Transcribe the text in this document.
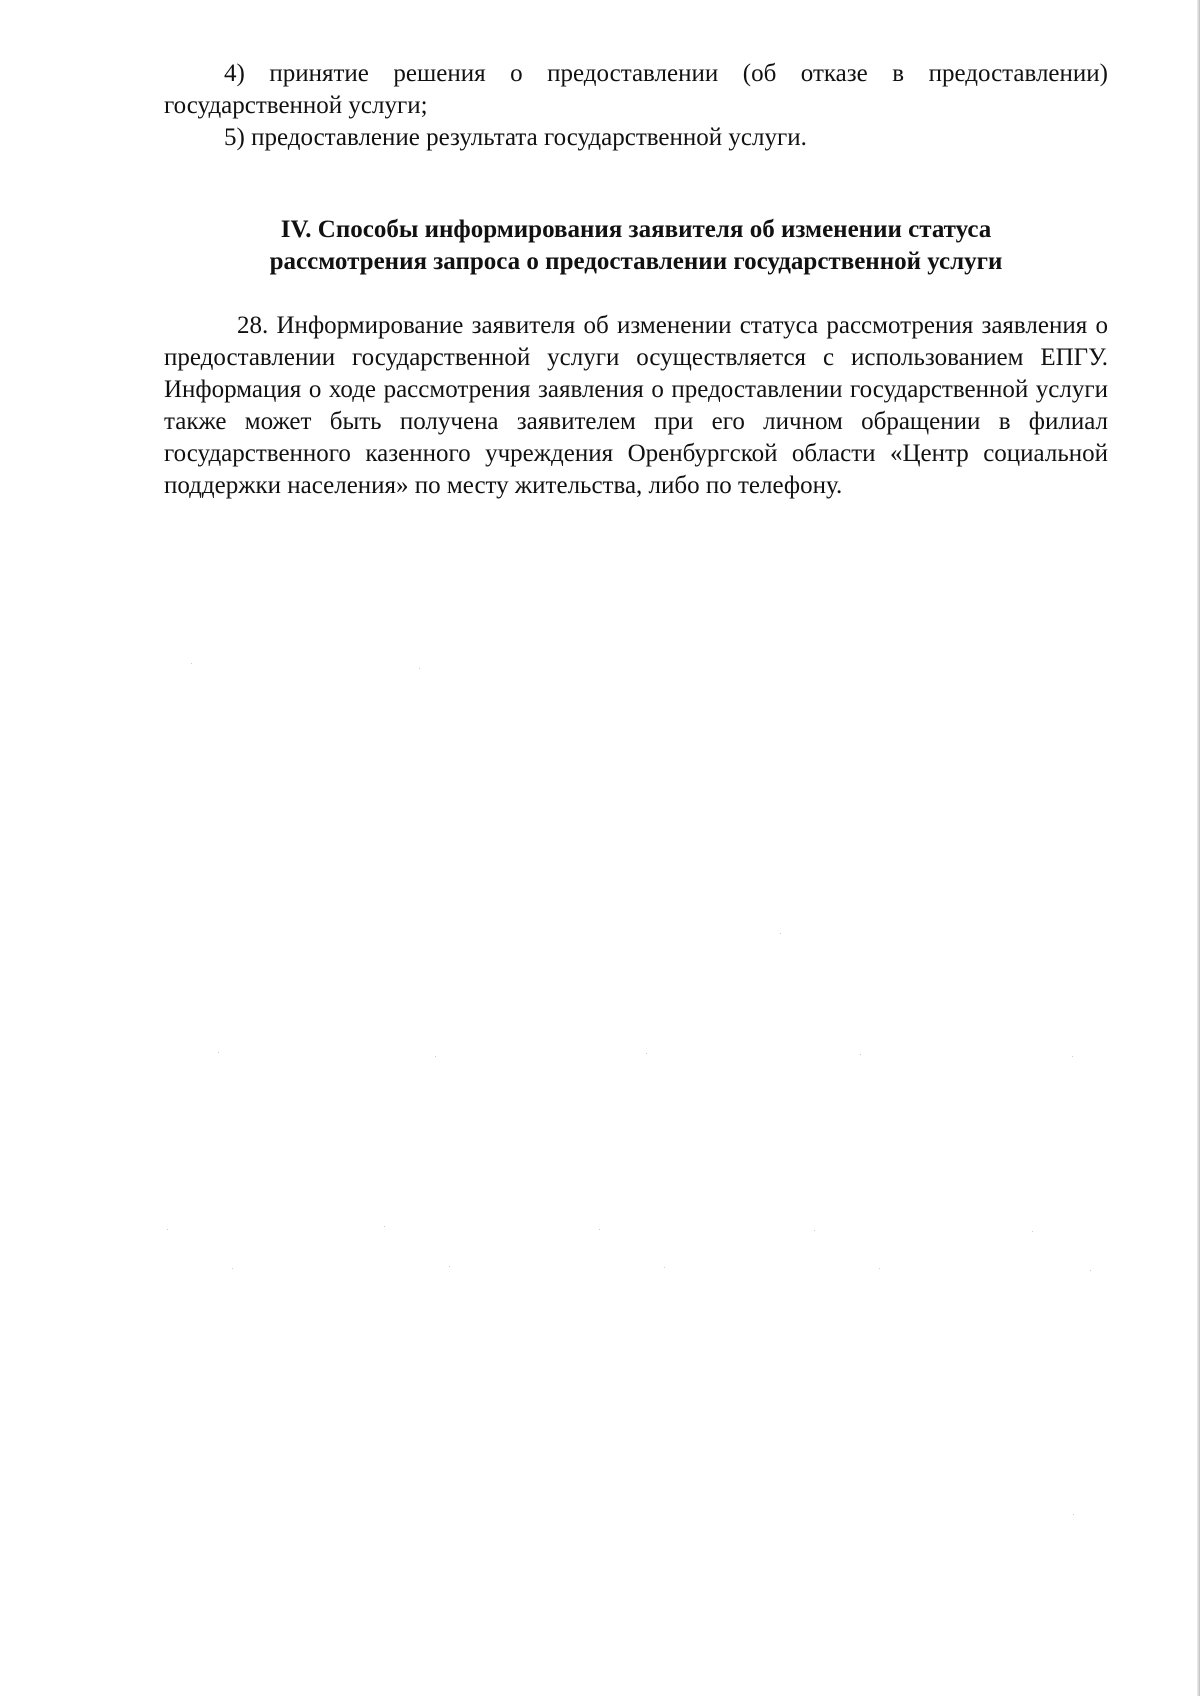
4) принятие решения о предоставлении (об отказе в предоставлении) государственной услуги;

5) предоставление результата государственной услуги.

IV. Способы информирования заявителя об изменении статуса
рассмотрения запроса о предоставлении государственной услуги

28. Информирование заявителя об изменении статуса рассмотрения заявления о предоставлении государственной услуги осуществляется с использованием ЕПГУ. Информация о ходе рассмотрения заявления о предоставлении государственной услуги также может быть получена заявителем при его личном обращении в филиал государственного казенного учреждения Оренбургской области «Центр социальной поддержки населения» по месту жительства, либо по телефону.
